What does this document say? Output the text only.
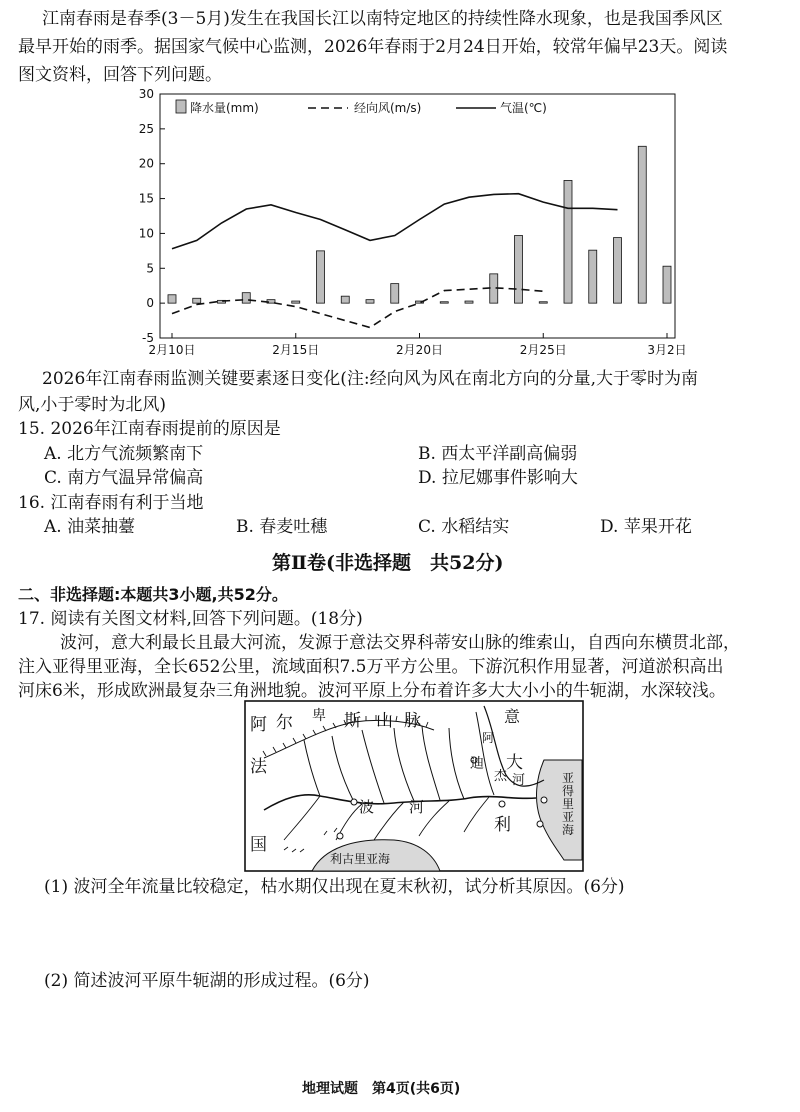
江南春雨是春季(3－5月)发生在我国长江以南特定地区的持续性降水现象，也是我国季风区
最早开始的雨季。据国家气候中心监测，2026年春雨于2月24日开始，较常年偏早23天。阅读
图文资料，回答下列问题。
-5
0
5
10
15
20
25
30
2月10日	2月15日	2月20日	2月25日	3月2日
降水量(mm)	经向风(m/s)	气温(℃)
2026年江南春雨监测关键要素逐日变化(注:经向风为风在南北方向的分量,大于零时为南
风,小于零时为北风)
15. 2026年江南春雨提前的原因是
A. 北方气流频繁南下	B. 西太平洋副高偏弱
C. 南方气温异常偏高	D. 拉尼娜事件影响大
16. 江南春雨有利于当地
A. 油菜抽薹	B. 春麦吐穗	C. 水稻结实	D. 苹果开花
第Ⅱ卷(非选择题　共52分)
二、非选择题:本题共3小题,共52分。
17. 阅读有关图文材料,回答下列问题。(18分)
波河，意大利最长且最大河流，发源于意法交界科蒂安山脉的维索山，自西向东横贯北部，
注入亚得里亚海，全长652公里，流域面积7.5万平方公里。下游沉积作用显著，河道淤积高出
河床6米，形成欧洲最复杂三角洲地貌。波河平原上分布着许多大大小小的牛轭湖，水深较浅。
阿 尔 卑 斯 山 脉
法
国
意
大
阿
迪
杰 河
波 河
利
亚
得
里
亚
海
利古里亚海
(1) 波河全年流量比较稳定，枯水期仅出现在夏末秋初，试分析其原因。(6分)
(2) 简述波河平原牛轭湖的形成过程。(6分)
地理试题　第4页(共6页)
